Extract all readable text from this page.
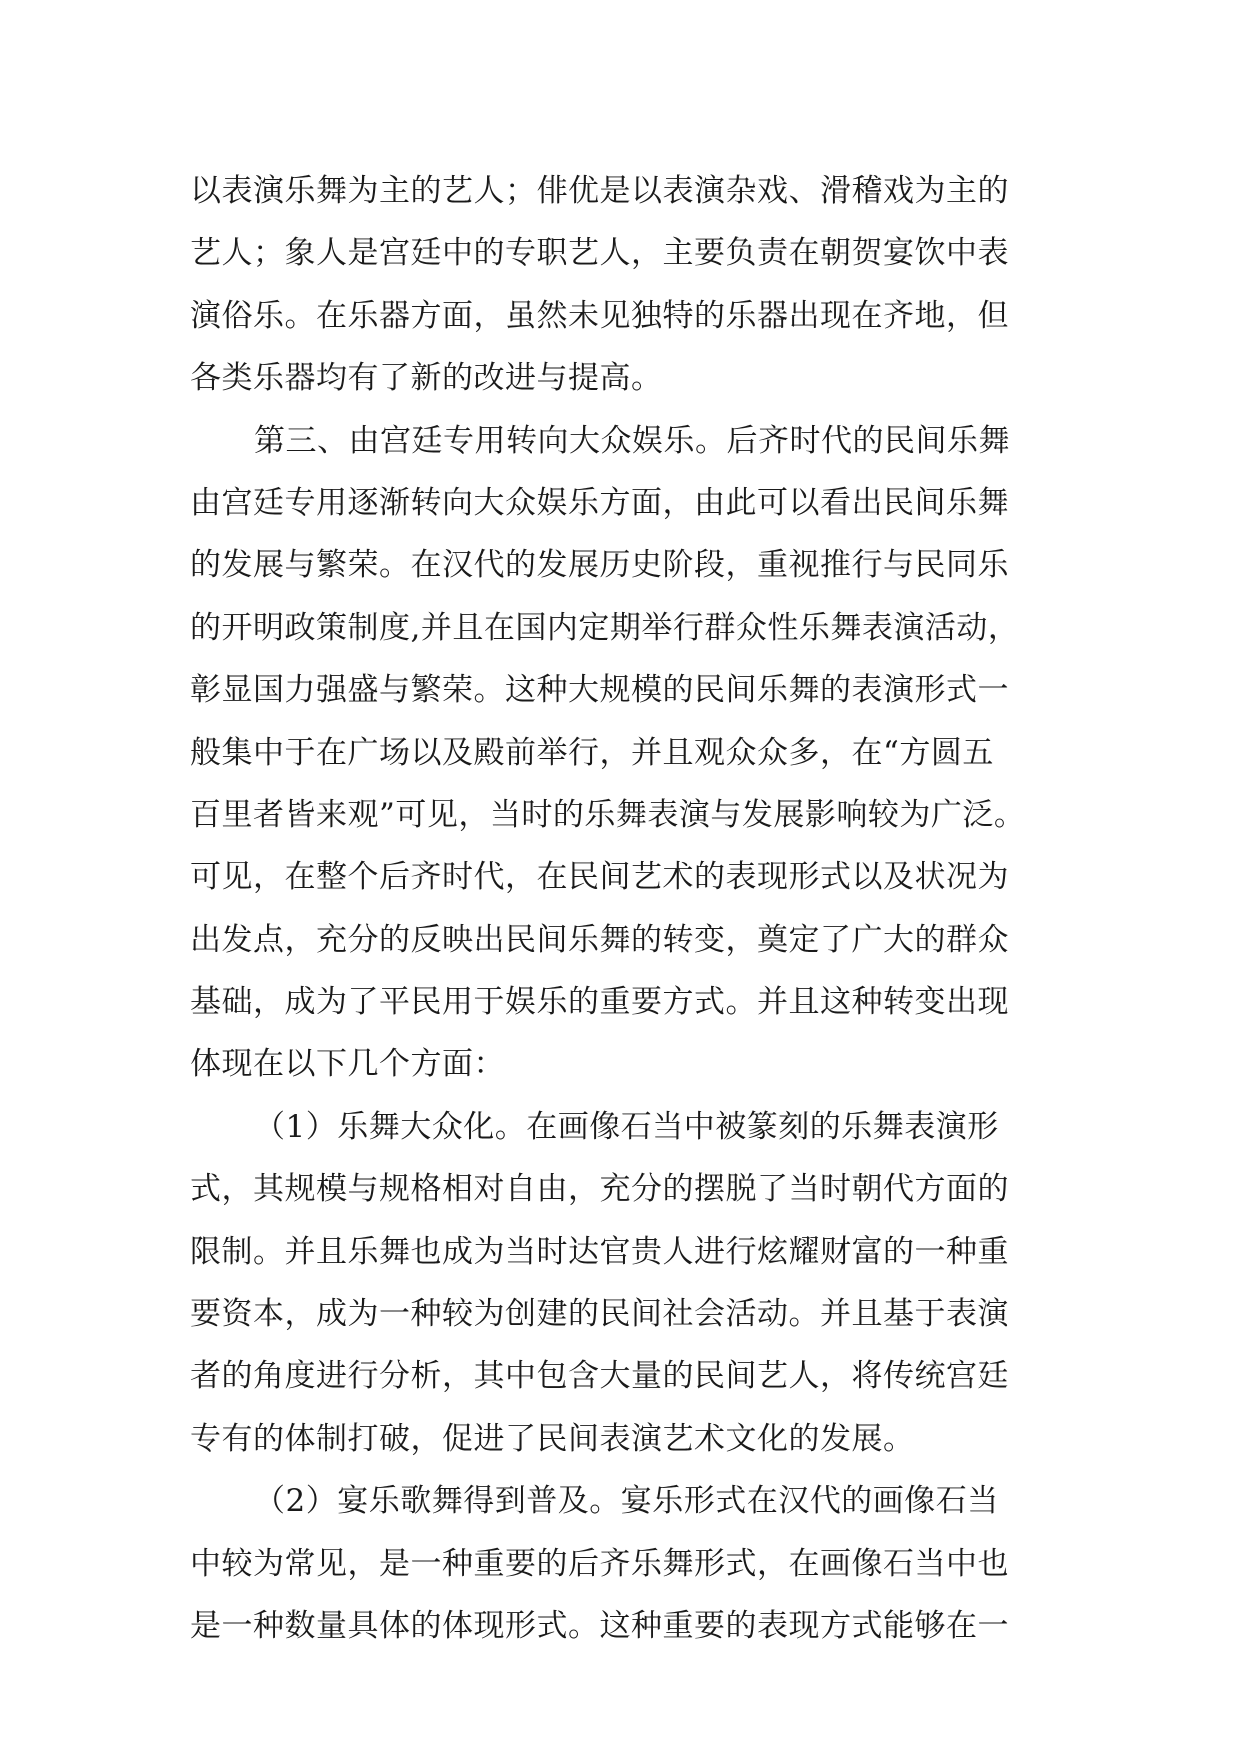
以表演乐舞为主的艺人；俳优是以表演杂戏、滑稽戏为主的
艺人；象人是宫廷中的专职艺人，主要负责在朝贺宴饮中表
演俗乐。在乐器方面，虽然未见独特的乐器出现在齐地，但
各类乐器均有了新的改进与提高。

第三、由宫廷专用转向大众娱乐。后齐时代的民间乐舞
由宫廷专用逐渐转向大众娱乐方面，由此可以看出民间乐舞
的发展与繁荣。在汉代的发展历史阶段，重视推行与民同乐
的开明政策制度,并且在国内定期举行群众性乐舞表演活动，
彰显国力强盛与繁荣。这种大规模的民间乐舞的表演形式一
般集中于在广场以及殿前举行，并且观众众多，在“方圆五
百里者皆来观”可见，当时的乐舞表演与发展影响较为广泛。
可见，在整个后齐时代，在民间艺术的表现形式以及状况为
出发点，充分的反映出民间乐舞的转变，奠定了广大的群众
基础，成为了平民用于娱乐的重要方式。并且这种转变出现
体现在以下几个方面：

（1）乐舞大众化。在画像石当中被篆刻的乐舞表演形
式，其规模与规格相对自由，充分的摆脱了当时朝代方面的
限制。并且乐舞也成为当时达官贵人进行炫耀财富的一种重
要资本，成为一种较为创建的民间社会活动。并且基于表演
者的角度进行分析，其中包含大量的民间艺人，将传统宫廷
专有的体制打破，促进了民间表演艺术文化的发展。

（2）宴乐歌舞得到普及。宴乐形式在汉代的画像石当
中较为常见，是一种重要的后齐乐舞形式，在画像石当中也
是一种数量具体的体现形式。这种重要的表现方式能够在一
